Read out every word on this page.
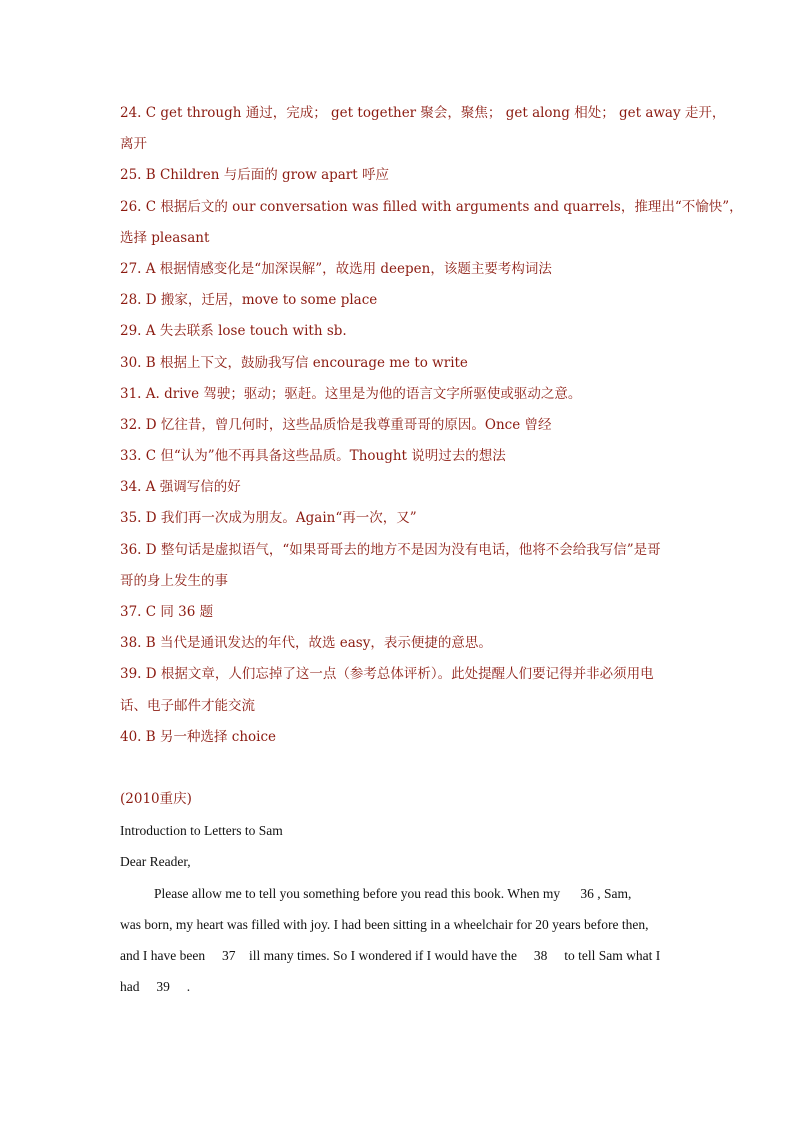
24. C get through 通过，完成； get together 聚会，聚焦； get along 相处； get away 走开，
离开
25. B Children 与后面的 grow apart 呼应
26. C 根据后文的 our conversation was filled with arguments and quarrels，推理出“不愉快”，
选择 pleasant
27. A 根据情感变化是“加深误解”，故选用 deepen，该题主要考构词法
28. D 搬家，迁居，move to some place
29. A 失去联系 lose touch with sb.
30. B 根据上下文，鼓励我写信 encourage me to write
31. A. drive 驾驶；驱动；驱赶。这里是为他的语言文字所驱使或驱动之意。
32. D 忆往昔，曾几何时，这些品质恰是我尊重哥哥的原因。Once 曾经
33. C 但“认为”他不再具备这些品质。Thought 说明过去的想法
34. A 强调写信的好
35. D 我们再一次成为朋友。Again“再一次，又”
36. D 整句话是虚拟语气，“如果哥哥去的地方不是因为没有电话，他将不会给我写信”是哥
哥的身上发生的事
37. C 同 36 题
38. B 当代是通讯发达的年代，故选 easy，表示便捷的意思。
39. D 根据文章，人们忘掉了这一点（参考总体评析）。此处提醒人们要记得并非必须用电
话、电子邮件才能交流
40. B 另一种选择 choice
(2010重庆)
Introduction to Letters to Sam
Dear Reader,
Please allow me to tell you something before you read this book. When my      36 , Sam,
was born, my heart was filled with joy. I had been sitting in a wheelchair for 20 years before then,
and I have been     37    ill many times. So I wondered if I would have the     38     to tell Sam what I
had     39     .
